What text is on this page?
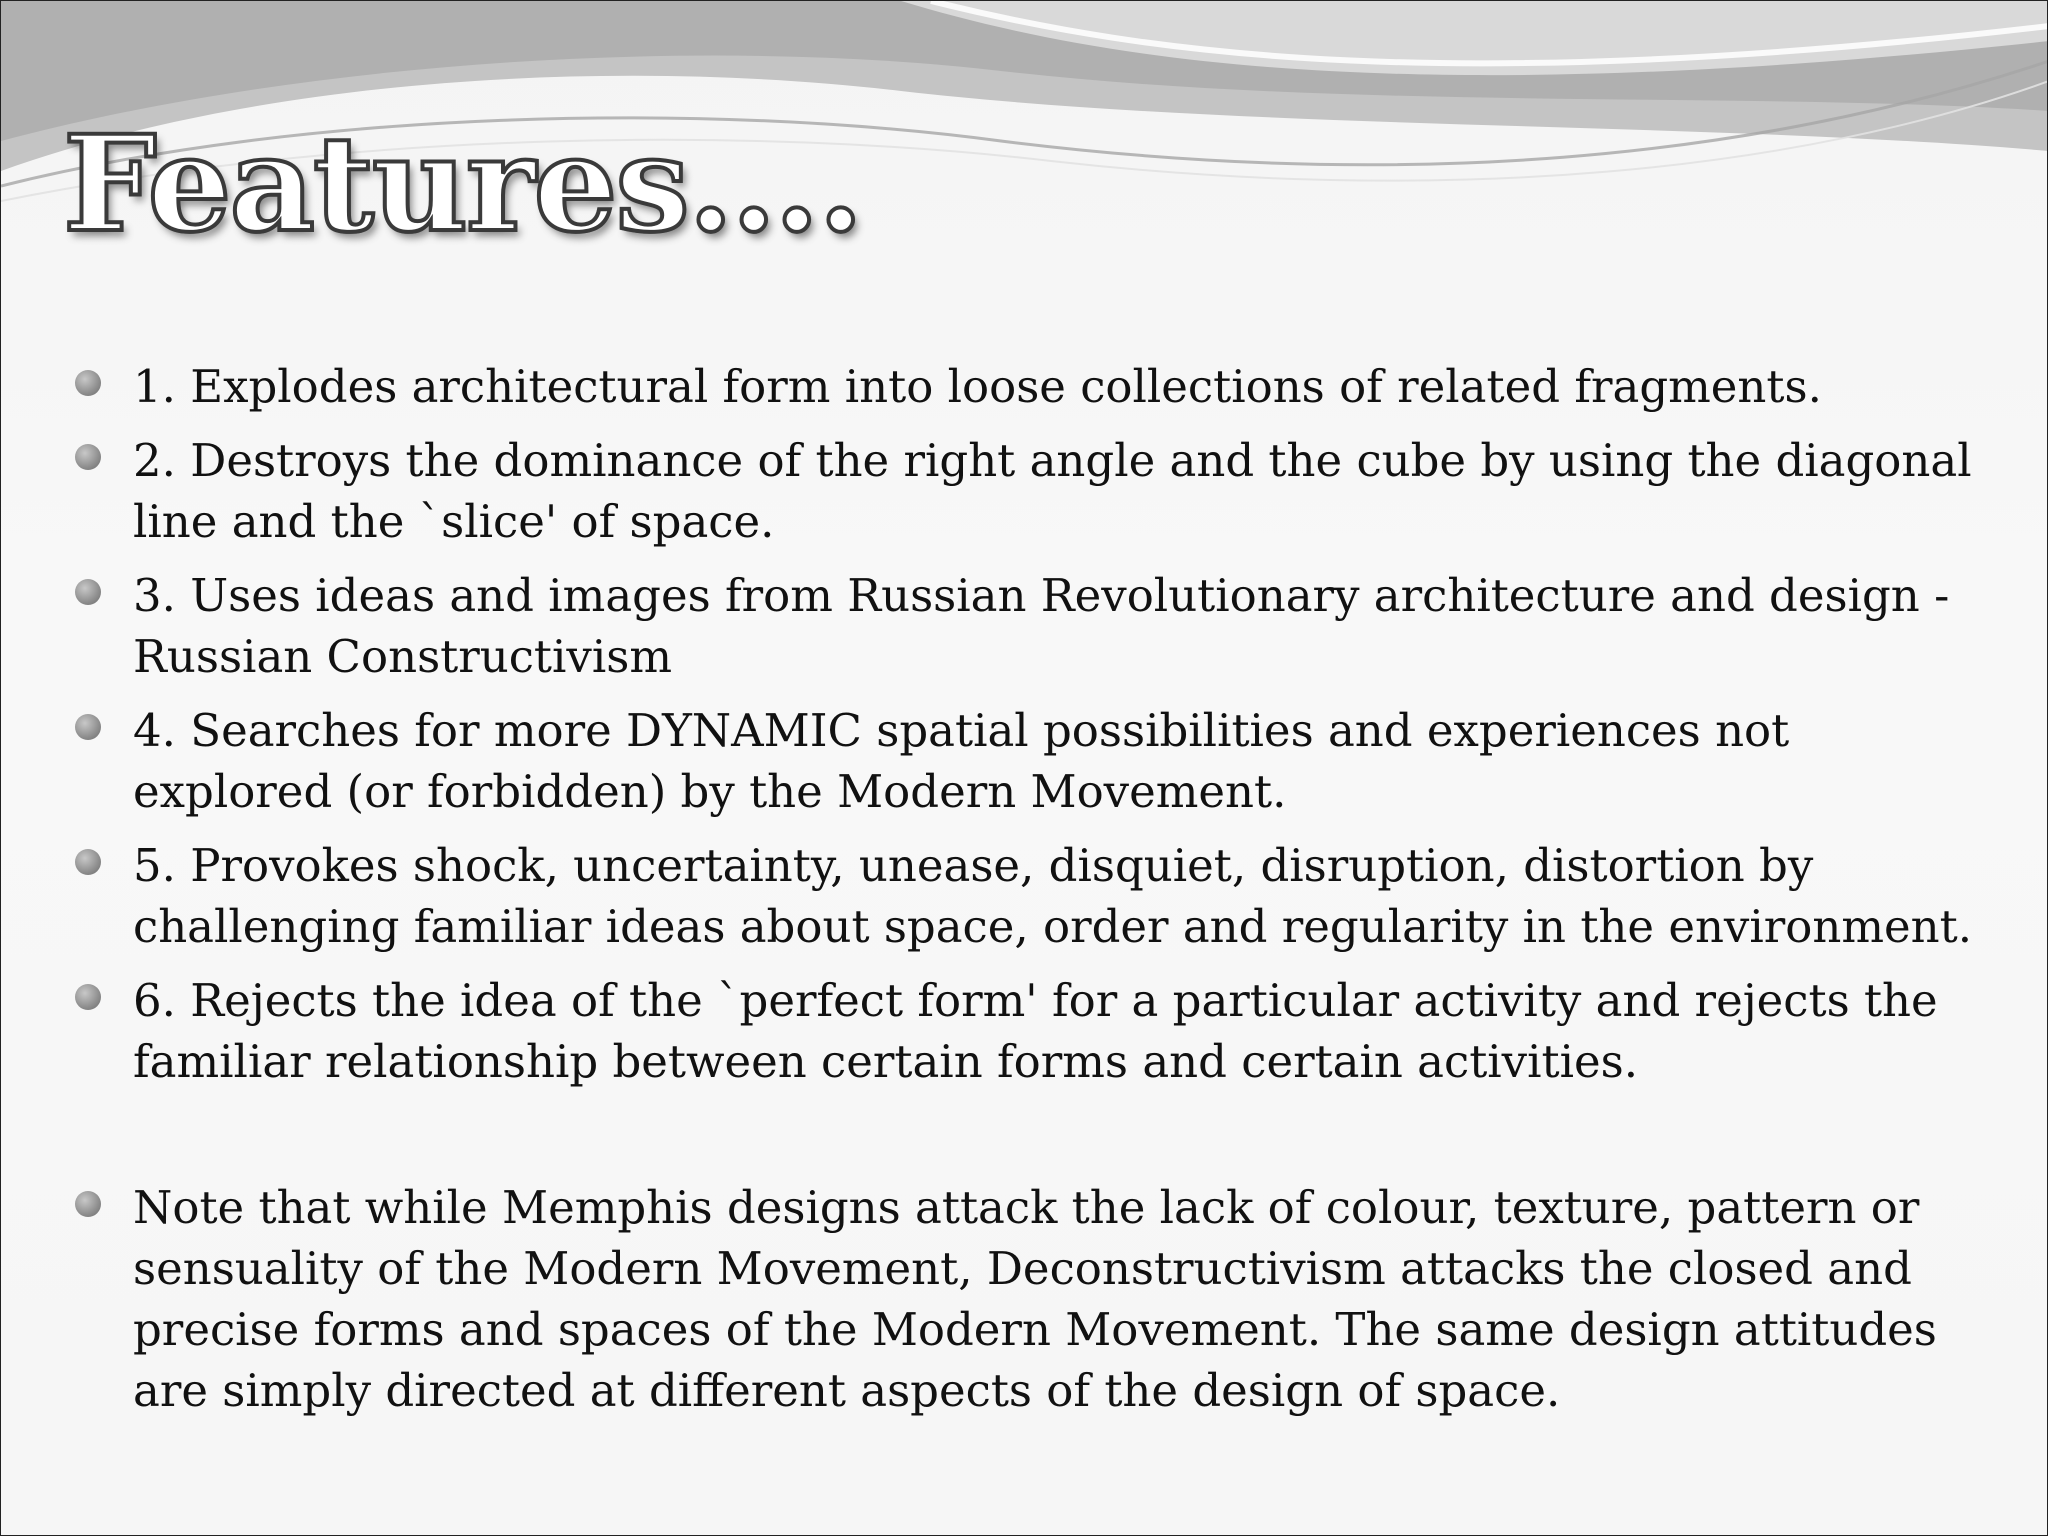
Features….
1. Explodes architectural form into loose collections of related fragments.
2. Destroys the dominance of the right angle and the cube by using the diagonal line and the `slice' of space.
3. Uses ideas and images from Russian Revolutionary architecture and design -Russian Constructivism
4. Searches for more DYNAMIC spatial possibilities and experiences not explored (or forbidden) by the Modern Movement.
5. Provokes shock, uncertainty, unease, disquiet, disruption, distortion by challenging familiar ideas about space, order and regularity in the environment.
6. Rejects the idea of the `perfect form' for a particular activity and rejects the familiar relationship between certain forms and certain activities.
Note that while Memphis designs attack the lack of colour, texture, pattern or sensuality of the Modern Movement, Deconstructivism attacks the closed and precise forms and spaces of the Modern Movement. The same design attitudes are simply directed at different aspects of the design of space.
